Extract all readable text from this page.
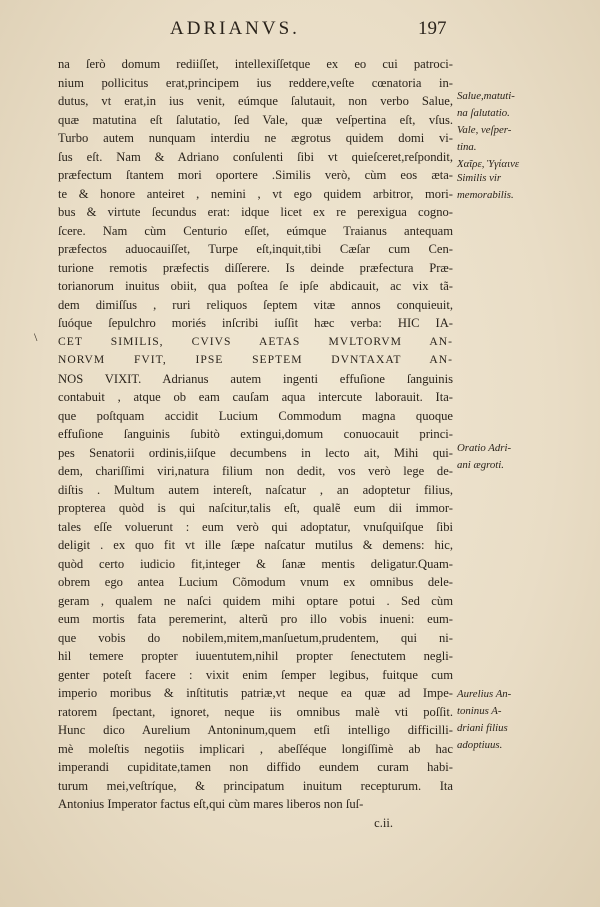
ADRIANVS.	197
\
na ſerò domum rediiſſet, intellexiſſetque ex eo cui patroci-
nium pollicitus erat,principem ius reddere,veſte cœnatoria in-
dutus, vt erat,in ius venit, eúmque ſalutauit, non verbo Salue,
quæ matutina eſt ſalutatio, ſed Vale, quæ veſpertina eſt, vſus.
Turbo autem nunquam interdiu ne ægrotus quidem domi vi-
ſus eſt. Nam & Adriano conſulenti ſibi vt quieſceret,reſpondit,
præfectum ſtantem mori oportere .Similis verò, cùm eos æta-
te & honore anteiret , nemini , vt ego quidem arbitror, mori-
bus & virtute ſecundus erat: idque licet ex re perexigua cogno-
ſcere. Nam cùm Centurio eſſet, eúmque Traianus antequam
præfectos aduocauiſſet, Turpe eſt,inquit,tibi Cæſar cum Cen-
turione remotis præfectis diſſerere. Is deinde præfectura Præ-
torianorum inuitus obiit, qua poſtea ſe ipſe abdicauit, ac vix tã-
dem dimiſſus , ruri reliquos ſeptem vitæ annos conquieuit,
ſuóque ſepulchro moriés inſcribi iuſſit hæc verba: HIC IA-
CET SIMILIS, CVIVS AETAS MVLTORVM AN-
NORVM FVIT, IPSE SEPTEM DVNTAXAT AN-
NOS VIXIT. Adrianus autem ingenti effuſione ſanguinis
contabuit , atque ob eam cauſam aqua intercute laborauit. Ita-
que poſtquam accidit Lucium Commodum magna quoque
effuſione ſanguinis ſubitò extingui,domum conuocauit princi-
pes Senatorii ordinis,iiſque decumbens in lecto ait, Mihi qui-
dem, chariſſimi viri,natura filium non dedit, vos verò lege de-
diſtis . Multum autem intereſt, naſcatur , an adoptetur filius,
propterea quòd is qui naſcitur,talis eſt, qualẽ eum dii immor-
tales eſſe voluerunt : eum verò qui adoptatur, vnuſquiſque ſibi
deligit . ex quo fit vt ille ſæpe naſcatur mutilus & demens: hic,
quòd certo iudicio fit,integer & ſanæ mentis deligatur.Quam-
obrem ego antea Lucium Cõmodum vnum ex omnibus dele-
geram , qualem ne naſci quidem mihi optare potui . Sed cùm
eum mortis fata peremerint, alterũ pro illo vobis inueni: eum-
que vobis do nobilem,mitem,manſuetum,prudentem, qui ni-
hil temere propter iuuentutem,nihil propter ſenectutem negli-
genter poteſt facere : vixit enim ſemper legibus, fuitque cum
imperio moribus & inſtitutis patriæ,vt neque ea quæ ad Impe-
ratorem ſpectant, ignoret, neque iis omnibus malè vti poſſit.
Hunc dico Aurelium Antoninum,quem etſi intelligo difficilli-
mè moleſtis negotiis implicari , abeſſéque longiſſimè ab hac
imperandi cupiditate,tamen non diffido eundem curam habi-
turum mei,veſtríque, & principatum inuitum recepturum. Ita
Antonius Imperator factus eſt,qui cùm mares liberos non ſuſ-
c.ii.
Salue,matuti-
na ſalutatio.
Vale, veſper-
tina.
Χαῖρε, Ὑγίαινε
Similis vir
memorabilis.
Oratio Adri-
ani ægroti.
Aurelius An-
toninus A-
driani filius
adoptiuus.
